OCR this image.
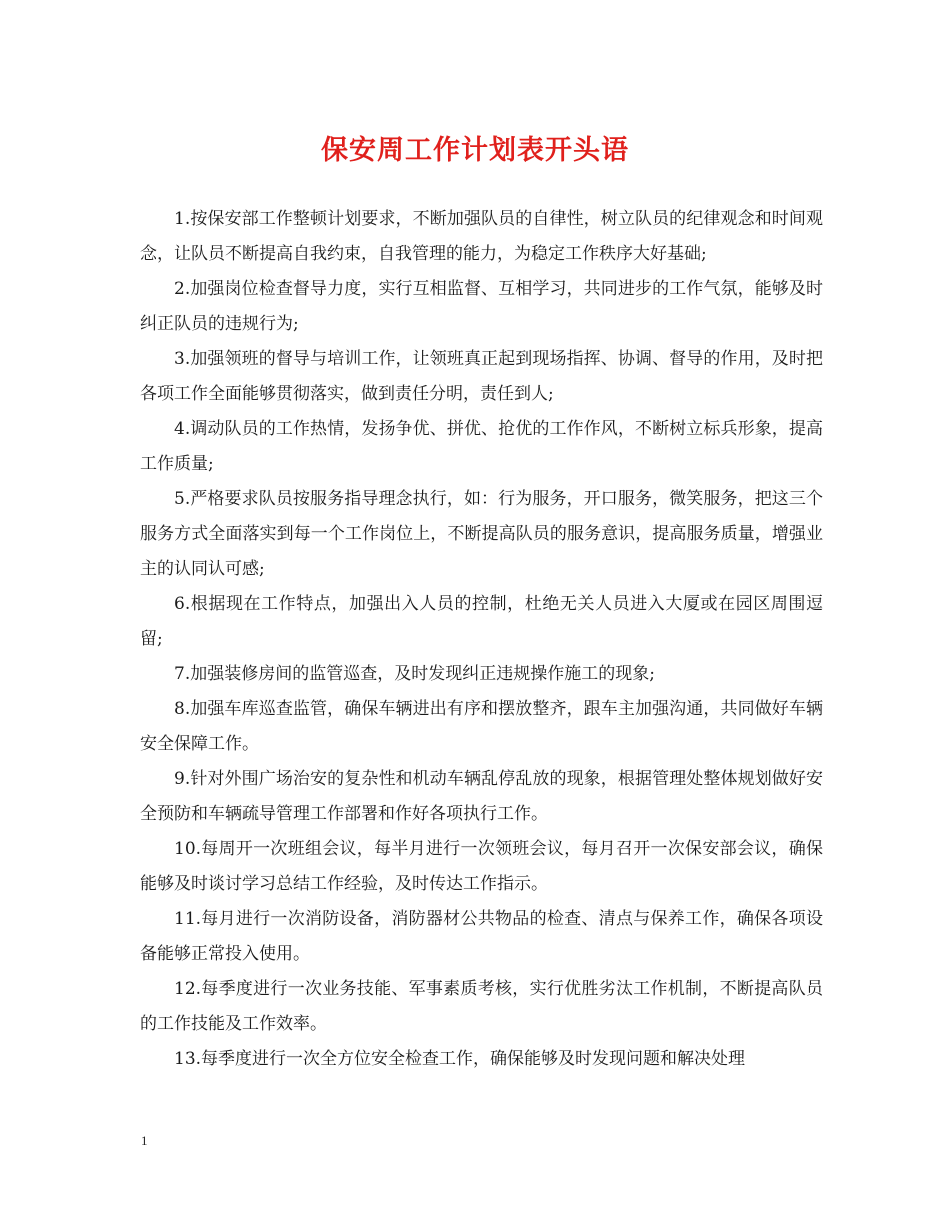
保安周工作计划表开头语

1.按保安部工作整顿计划要求，不断加强队员的自律性，树立队员的纪律观念和时间观念，让队员不断提高自我约束，自我管理的能力，为稳定工作秩序大好基础;

2.加强岗位检查督导力度，实行互相监督、互相学习，共同进步的工作气氛，能够及时纠正队员的违规行为;

3.加强领班的督导与培训工作，让领班真正起到现场指挥、协调、督导的作用，及时把各项工作全面能够贯彻落实，做到责任分明，责任到人;

4.调动队员的工作热情，发扬争优、拼优、抢优的工作作风，不断树立标兵形象，提高工作质量;

5.严格要求队员按服务指导理念执行，如：行为服务，开口服务，微笑服务，把这三个服务方式全面落实到每一个工作岗位上，不断提高队员的服务意识，提高服务质量，增强业主的认同认可感;

6.根据现在工作特点，加强出入人员的控制，杜绝无关人员进入大厦或在园区周围逗留;

7.加强装修房间的监管巡查，及时发现纠正违规操作施工的现象;

8.加强车库巡查监管，确保车辆进出有序和摆放整齐，跟车主加强沟通，共同做好车辆安全保障工作。

9.针对外围广场治安的复杂性和机动车辆乱停乱放的现象，根据管理处整体规划做好安全预防和车辆疏导管理工作部署和作好各项执行工作。

10.每周开一次班组会议，每半月进行一次领班会议，每月召开一次保安部会议，确保能够及时谈讨学习总结工作经验，及时传达工作指示。

11.每月进行一次消防设备，消防器材公共物品的检查、清点与保养工作，确保各项设备能够正常投入使用。

12.每季度进行一次业务技能、军事素质考核，实行优胜劣汰工作机制，不断提高队员的工作技能及工作效率。

13.每季度进行一次全方位安全检查工作，确保能够及时发现问题和解决处理

1
